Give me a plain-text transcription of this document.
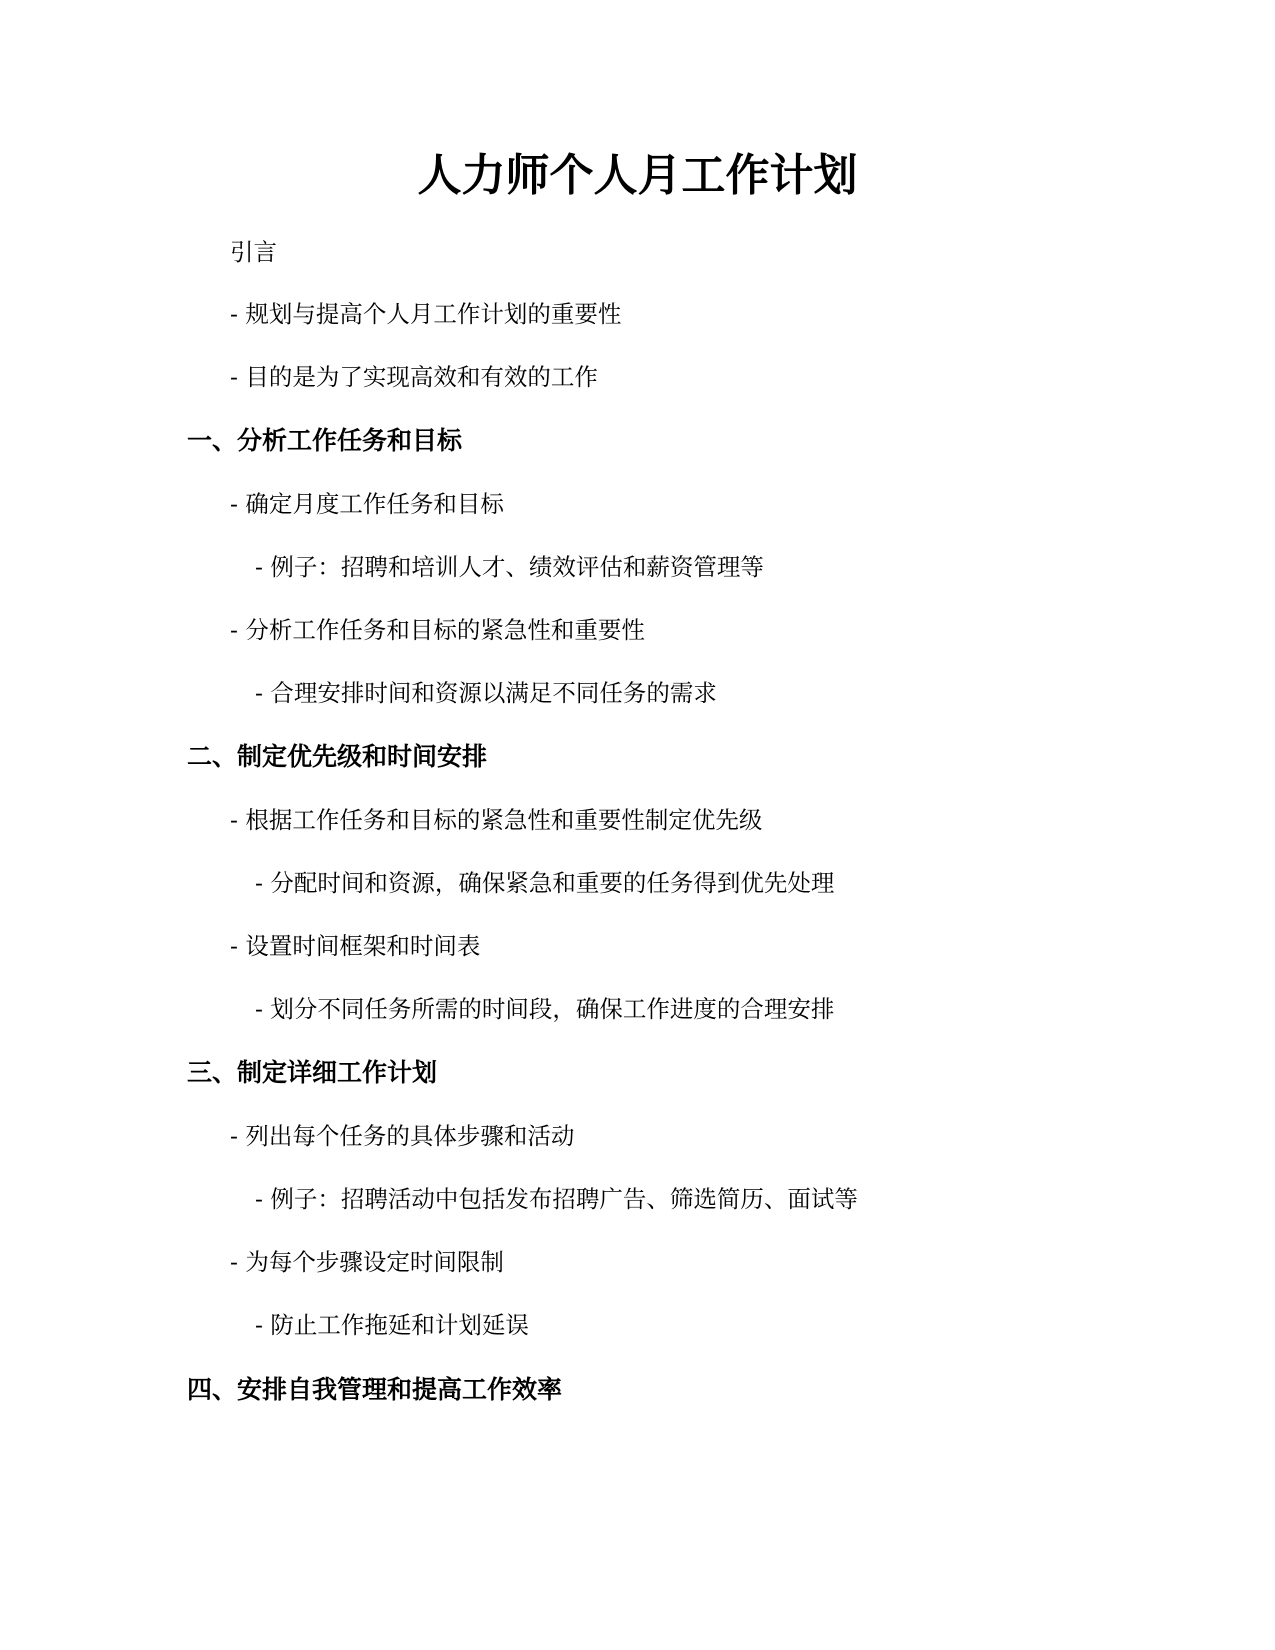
人力师个人月工作计划

引言

- 规划与提高个人月工作计划的重要性

- 目的是为了实现高效和有效的工作

一、分析工作任务和目标

- 确定月度工作任务和目标

- 例子：招聘和培训人才、绩效评估和薪资管理等

- 分析工作任务和目标的紧急性和重要性

- 合理安排时间和资源以满足不同任务的需求

二、制定优先级和时间安排

- 根据工作任务和目标的紧急性和重要性制定优先级

- 分配时间和资源，确保紧急和重要的任务得到优先处理

- 设置时间框架和时间表

- 划分不同任务所需的时间段，确保工作进度的合理安排

三、制定详细工作计划

- 列出每个任务的具体步骤和活动

- 例子：招聘活动中包括发布招聘广告、筛选简历、面试等

- 为每个步骤设定时间限制

- 防止工作拖延和计划延误

四、安排自我管理和提高工作效率
